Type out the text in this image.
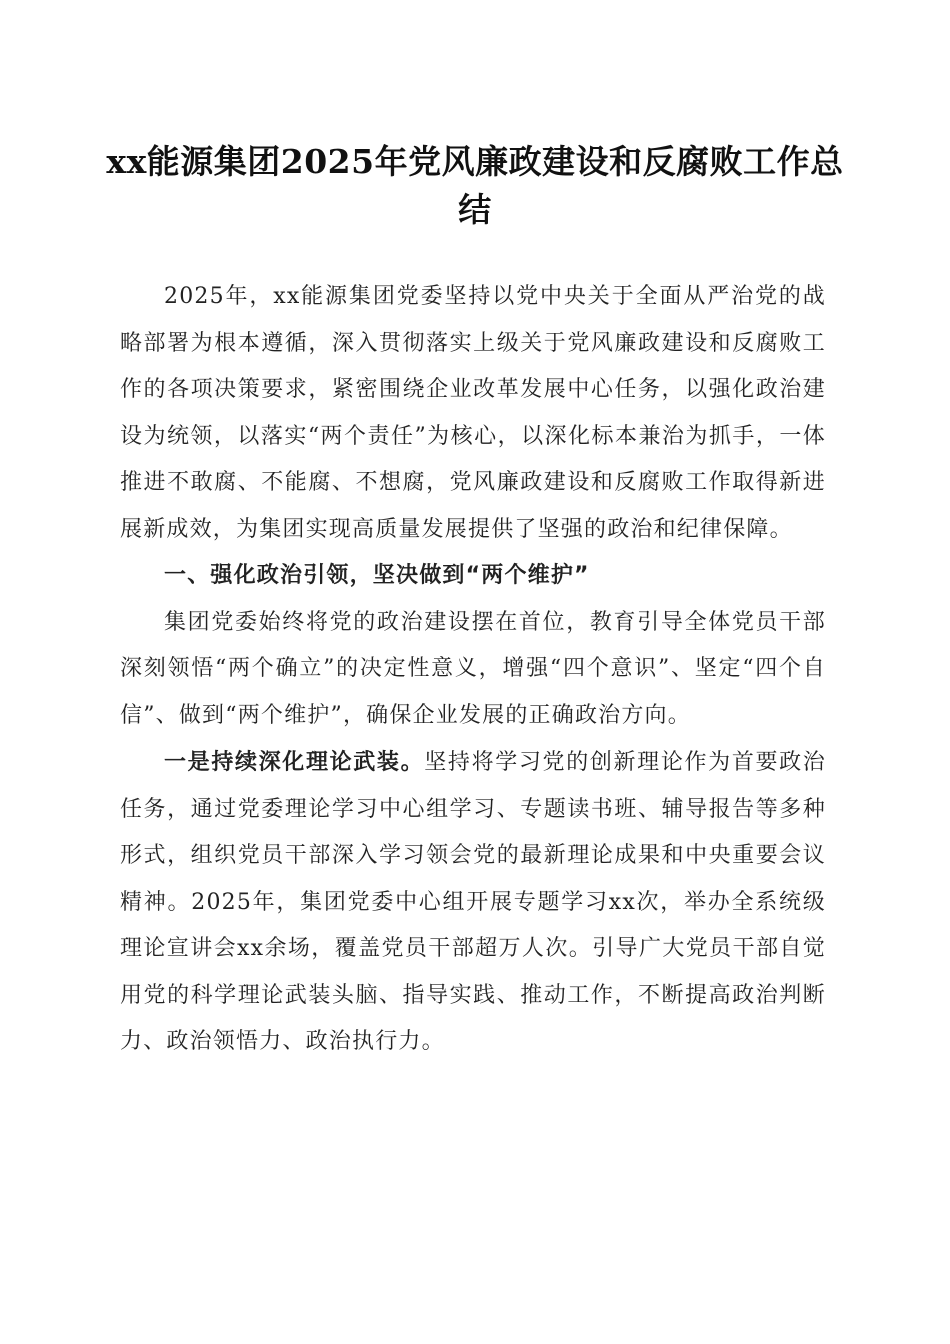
xx能源集团2025年党风廉政建设和反腐败工作总结

2025年，xx能源集团党委坚持以党中央关于全面从严治党的战略部署为根本遵循，深入贯彻落实上级关于党风廉政建设和反腐败工作的各项决策要求，紧密围绕企业改革发展中心任务，以强化政治建设为统领，以落实“两个责任”为核心，以深化标本兼治为抓手，一体推进不敢腐、不能腐、不想腐，党风廉政建设和反腐败工作取得新进展新成效，为集团实现高质量发展提供了坚强的政治和纪律保障。

一、强化政治引领，坚决做到“两个维护”

集团党委始终将党的政治建设摆在首位，教育引导全体党员干部深刻领悟“两个确立”的决定性意义，增强“四个意识”、坚定“四个自信”、做到“两个维护”，确保企业发展的正确政治方向。

一是持续深化理论武装。坚持将学习党的创新理论作为首要政治任务，通过党委理论学习中心组学习、专题读书班、辅导报告等多种形式，组织党员干部深入学习领会党的最新理论成果和中央重要会议精神。2025年，集团党委中心组开展专题学习xx次，举办全系统级理论宣讲会xx余场，覆盖党员干部超万人次。引导广大党员干部自觉用党的科学理论武装头脑、指导实践、推动工作，不断提高政治判断力、政治领悟力、政治执行力。
